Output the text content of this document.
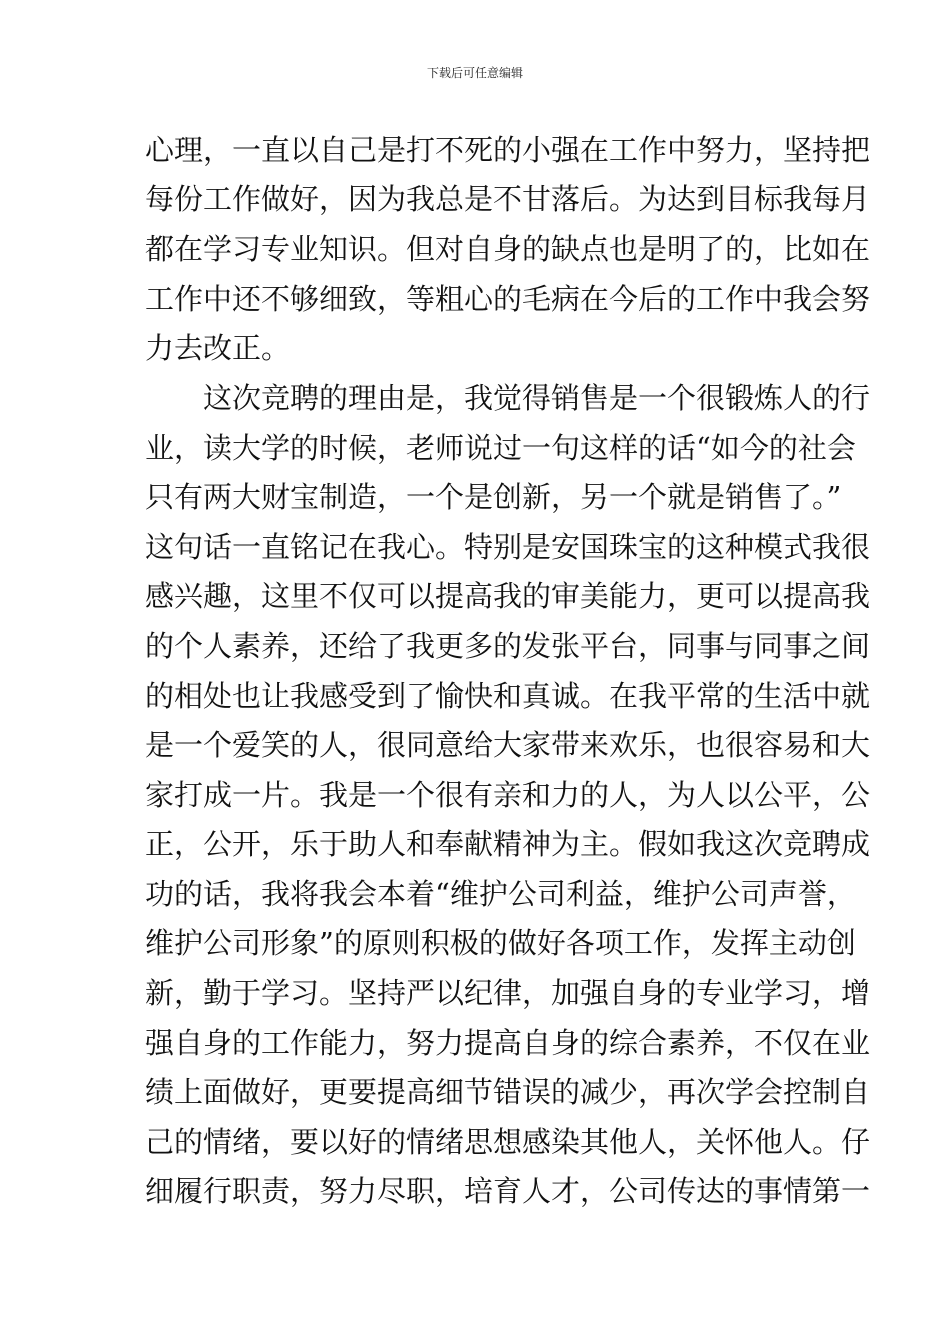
下载后可任意编辑
心理，一直以自己是打不死的小强在工作中努力，坚持把
每份工作做好，因为我总是不甘落后。为达到目标我每月
都在学习专业知识。但对自身的缺点也是明了的，比如在
工作中还不够细致，等粗心的毛病在今后的工作中我会努
力去改正。
这次竞聘的理由是，我觉得销售是一个很锻炼人的行
业，读大学的时候，老师说过一句这样的话“如今的社会
只有两大财宝制造，一个是创新，另一个就是销售了。”
这句话一直铭记在我心。特别是安国珠宝的这种模式我很
感兴趣，这里不仅可以提高我的审美能力，更可以提高我
的个人素养，还给了我更多的发张平台，同事与同事之间
的相处也让我感受到了愉快和真诚。在我平常的生活中就
是一个爱笑的人，很同意给大家带来欢乐，也很容易和大
家打成一片。我是一个很有亲和力的人，为人以公平，公
正，公开，乐于助人和奉献精神为主。假如我这次竞聘成
功的话，我将我会本着“维护公司利益，维护公司声誉，
维护公司形象”的原则积极的做好各项工作，发挥主动创
新，勤于学习。坚持严以纪律，加强自身的专业学习，增
强自身的工作能力，努力提高自身的综合素养，不仅在业
绩上面做好，更要提高细节错误的减少，再次学会控制自
己的情绪，要以好的情绪思想感染其他人，关怀他人。仔
细履行职责，努力尽职，培育人才，公司传达的事情第一
